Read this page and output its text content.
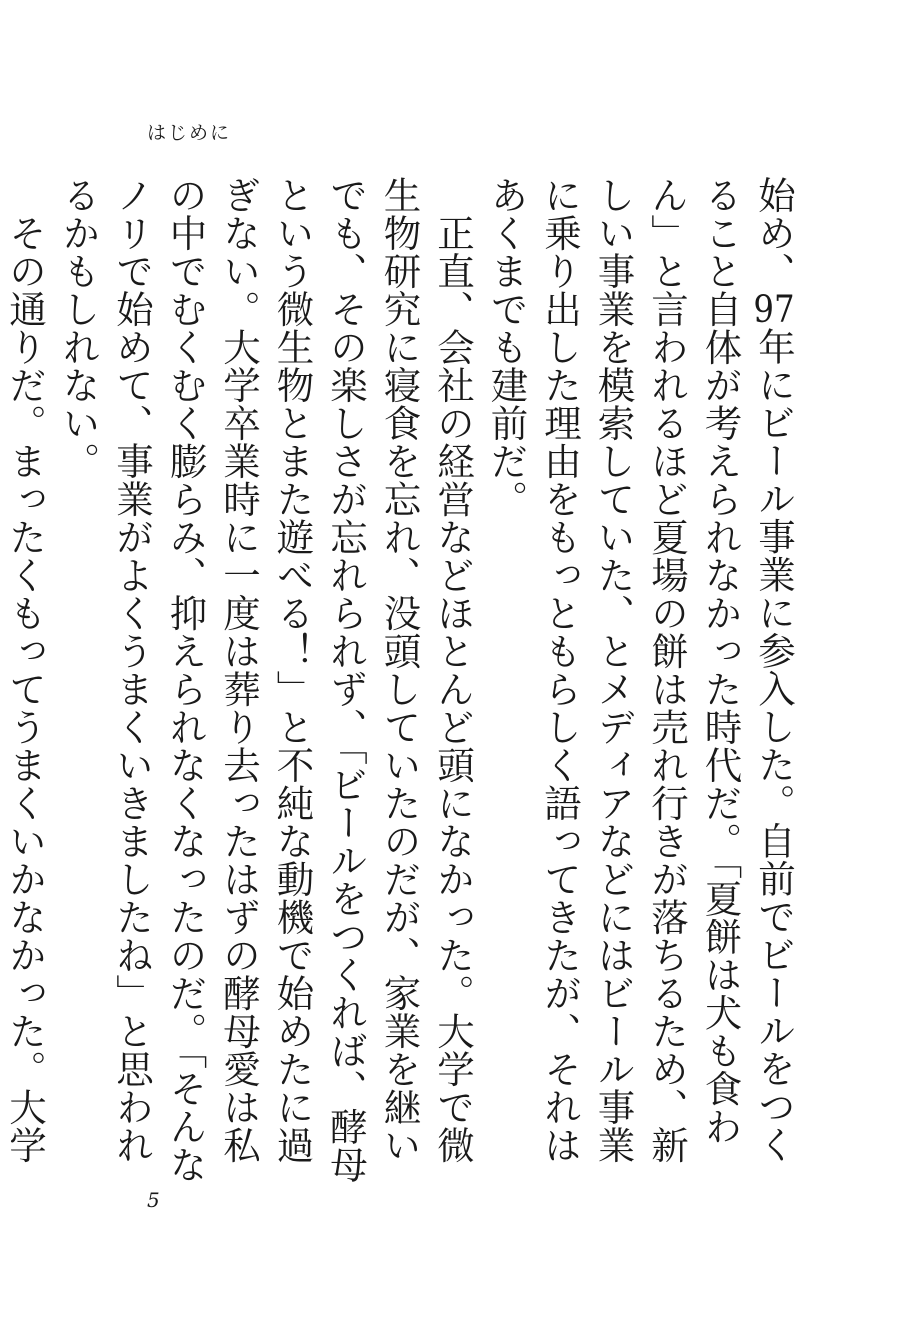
はじめに

始め、97年にビール事業に参入した。自前でビールをつくること自体が考えられなかった時代だ。「夏餅は犬も食わん」と言われるほど夏場の餅は売れ行きが落ちるため、新しい事業を模索していた、とメディアなどにはビール事業に乗り出した理由をもっともらしく語ってきたが、それはあくまでも建前だ。

正直、会社の経営などほとんど頭になかった。大学で微生物研究に寝食を忘れ、没頭していたのだが、家業を継いでも、その楽しさが忘れられず、「ビールをつくれば、酵母という微生物とまた遊べる！」と不純な動機で始めたに過ぎない。大学卒業時に一度は葬り去ったはずの酵母愛は私の中でむくむく膨らみ、抑えられなくなったのだ。「そんなノリで始めて、事業がよくうまくいきましたね」と思われるかもしれない。

その通りだ。まったくもってうまくいかなかった。大学

5
